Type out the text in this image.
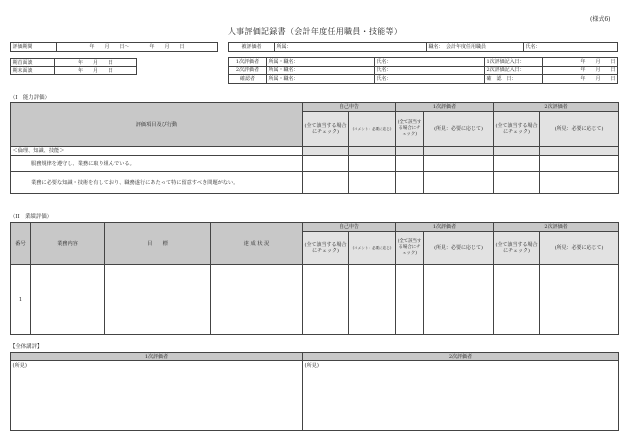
(様式6)
人事評価記録書（会計年度任用職員・技能等）
評価期間	年　　月　　日〜　　　　年　　月　　日
期首面談	年　　月　　日
期末面談	年　　月　　日
被評価者	所属：	職名：　会計年度任用職員	氏名：
1次評価者	所属・職名：	氏名：	1次評価記入日：	年　　月　　日
2次評価者	所属・職名：	氏名：	2次評価記入日：	年　　月　　日
確認者	所属・職名：	氏名：	確　認　日：	年　　月　　日
（I　能力評価）
評価項目及び行動	自己申告		1次評価者		2次評価者	
	(全て該当する場合にチェック)	(コメント：必要に応じ)	(全て該当する場合にチェック)	(所見：必要に応じて)	(全て該当する場合にチェック)	(所見：必要に応じて)
＜倫理、知識、技能＞						
服務規律を遵守し、業務に取り組んでいる。						
業務に必要な知識・技術を有しており、職務遂行にあたって特に留意すべき問題がない。						
（II　業績評価）
番号	業務内容	目　　標	達 成 状 況	自己申告		1次評価者		2次評価者	
				(全て該当する場合にチェック)	(コメント：必要に応じ)	(全て該当する場合にチェック)	(所見：必要に応じて)	(全て該当する場合にチェック)	(所見：必要に応じて)
1									
【全体講評】
1次評価者	2次評価者
(所見)	(所見)
